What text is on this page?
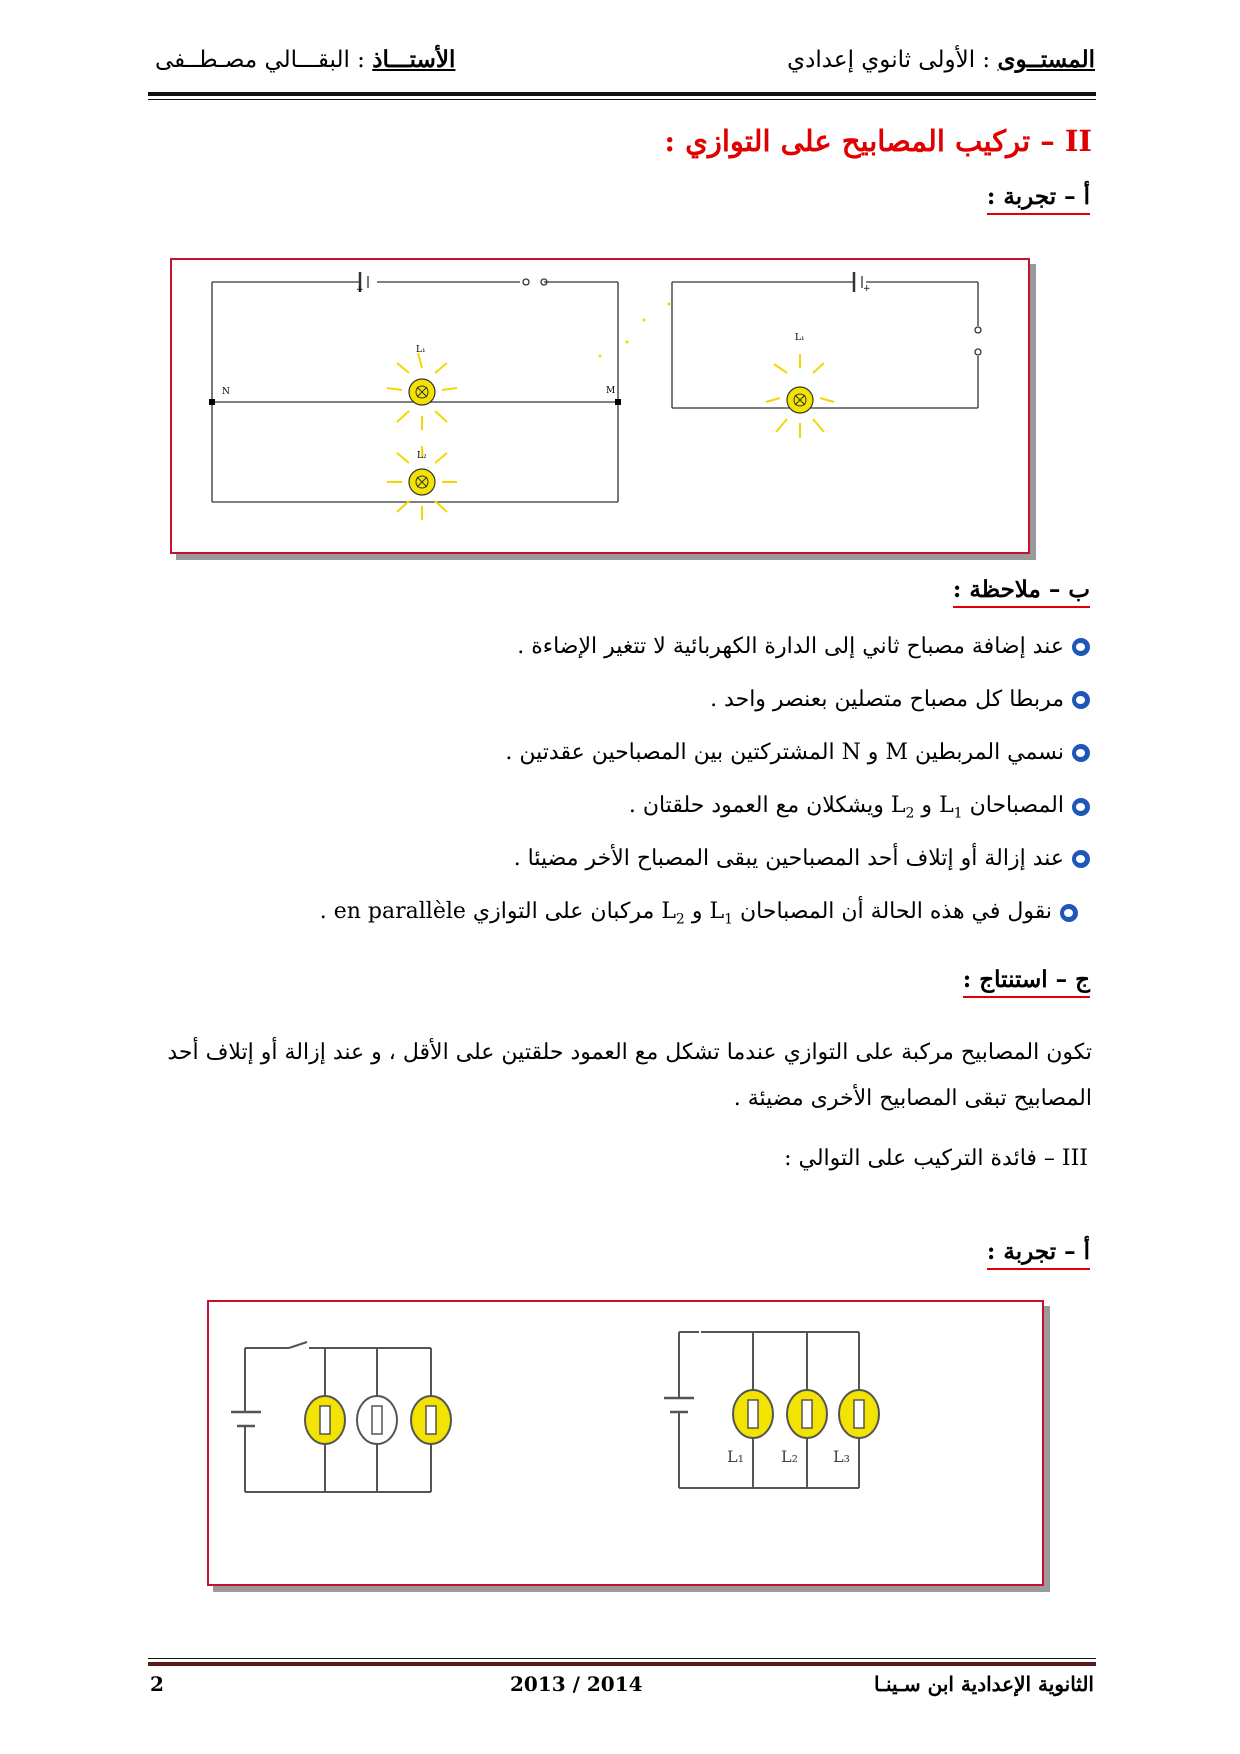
المستــوى : الأولى ثانوي إعدادي
الأستـــاذ : البقـــالي مصـطــفى
II – تركيب المصابيح على التوازي :
أ – تجربة :
L₁
L₂
N	M
+
L₁
+
ب – ملاحظة :
عند إضافة مصباح ثاني إلى الدارة الكهربائية لا تتغير الإضاءة .
مربطا كل مصباح متصلين بعنصر واحد .
نسمي المربطين M و N المشتركتين بين المصباحين عقدتين .
المصباحان $L_1$ و $L_2$ ويشكلان مع العمود حلقتان .
عند إزالة أو إتلاف أحد المصباحين يبقى المصباح الأخر مضيئا .
نقول في هذه الحالة أن المصباحان $L_1$ و $L_2$ مركبان على التوازي en parallèle .
ج – استنتاج :
تكون المصابيح مركبة على التوازي عندما تشكل مع العمود حلقتين على الأقل ، و عند إزالة أو إتلاف أحد المصابيح تبقى المصابيح الأخرى مضيئة .
III – فائدة التركيب على التوالي :
أ – تجربة :
L₁ L₂ L₃
الثانوية الإعدادية ابن سـينـا
2013 / 2014
2
